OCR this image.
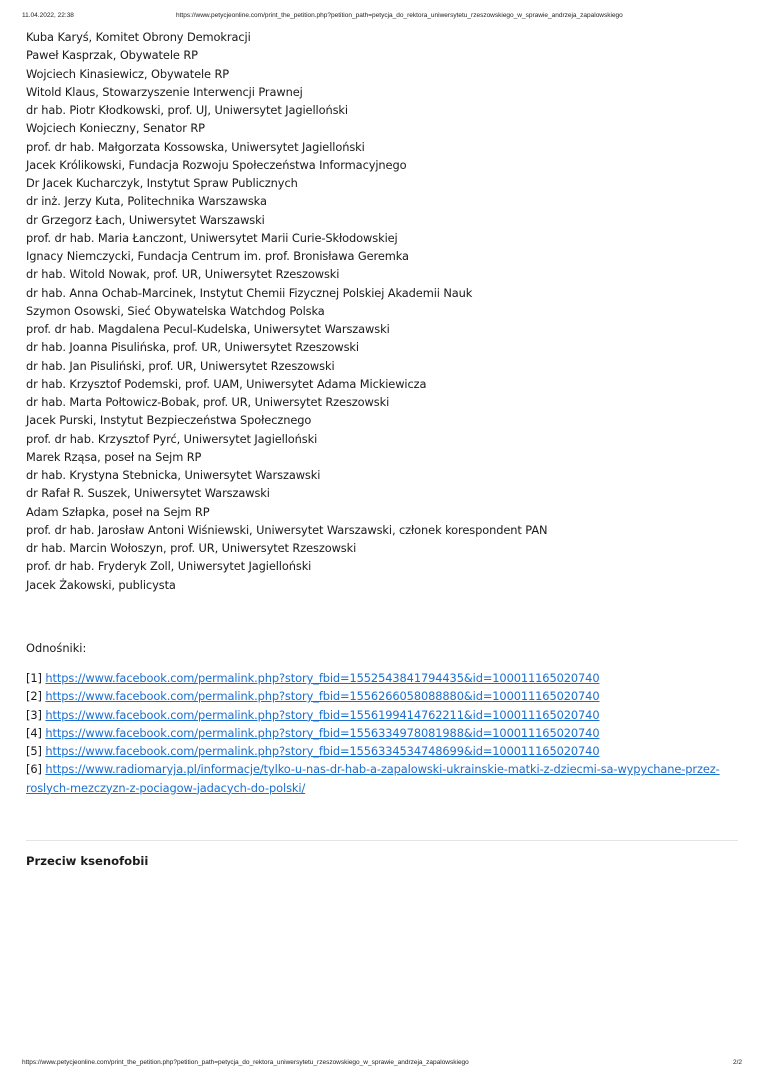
11.04.2022, 22:38	https://www.petycjeonline.com/print_the_petition.php?petition_path=petycja_do_rektora_uniwersytetu_rzeszowskiego_w_sprawie_andrzeja_zapalowskiego
Kuba Karyś, Komitet Obrony Demokracji
Paweł Kasprzak, Obywatele RP
Wojciech Kinasiewicz, Obywatele RP
Witold Klaus, Stowarzyszenie Interwencji Prawnej
dr hab. Piotr Kłodkowski, prof. UJ, Uniwersytet Jagielloński
Wojciech Konieczny, Senator RP
prof. dr hab. Małgorzata Kossowska, Uniwersytet Jagielloński
Jacek Królikowski, Fundacja Rozwoju Społeczeństwa Informacyjnego
Dr Jacek Kucharczyk, Instytut Spraw Publicznych
dr inż. Jerzy Kuta, Politechnika Warszawska
dr Grzegorz Łach, Uniwersytet Warszawski
prof. dr hab. Maria Łanczont, Uniwersytet Marii Curie-Skłodowskiej
Ignacy Niemczycki, Fundacja Centrum im. prof. Bronisława Geremka
dr hab. Witold Nowak, prof. UR, Uniwersytet Rzeszowski
dr hab. Anna Ochab-Marcinek, Instytut Chemii Fizycznej Polskiej Akademii Nauk
Szymon Osowski, Sieć Obywatelska Watchdog Polska
prof. dr hab. Magdalena Pecul-Kudelska, Uniwersytet Warszawski
dr hab. Joanna Pisulińska, prof. UR, Uniwersytet Rzeszowski
dr hab. Jan Pisuliński, prof. UR, Uniwersytet Rzeszowski
dr hab. Krzysztof Podemski, prof. UAM, Uniwersytet Adama Mickiewicza
dr hab. Marta Połtowicz-Bobak, prof. UR, Uniwersytet Rzeszowski
Jacek Purski, Instytut Bezpieczeństwa Społecznego
prof. dr hab. Krzysztof Pyrć, Uniwersytet Jagielloński
Marek Rząsa, poseł na Sejm RP
dr hab. Krystyna Stebnicka, Uniwersytet Warszawski
dr Rafał R. Suszek, Uniwersytet Warszawski
Adam Szłapka, poseł na Sejm RP
prof. dr hab. Jarosław Antoni Wiśniewski, Uniwersytet Warszawski, członek korespondent PAN
dr hab. Marcin Wołoszyn, prof. UR, Uniwersytet Rzeszowski
prof. dr hab. Fryderyk Zoll, Uniwersytet Jagielloński
Jacek Żakowski, publicysta
Odnośniki:
[1] https://www.facebook.com/permalink.php?story_fbid=1552543841794435&id=100011165020740
[2] https://www.facebook.com/permalink.php?story_fbid=1556266058088880&id=100011165020740
[3] https://www.facebook.com/permalink.php?story_fbid=1556199414762211&id=100011165020740
[4] https://www.facebook.com/permalink.php?story_fbid=1556334978081988&id=100011165020740
[5] https://www.facebook.com/permalink.php?story_fbid=1556334534748699&id=100011165020740
[6] https://www.radiomaryja.pl/informacje/tylko-u-nas-dr-hab-a-zapalowski-ukrainskie-matki-z-dziecmi-sa-wypychane-przez-roslych-mezczyzn-z-pociagow-jadacych-do-polski/
Przeciw ksenofobii
https://www.petycjeonline.com/print_the_petition.php?petition_path=petycja_do_rektora_uniwersytetu_rzeszowskiego_w_sprawie_andrzeja_zapalowskiego	2/2
